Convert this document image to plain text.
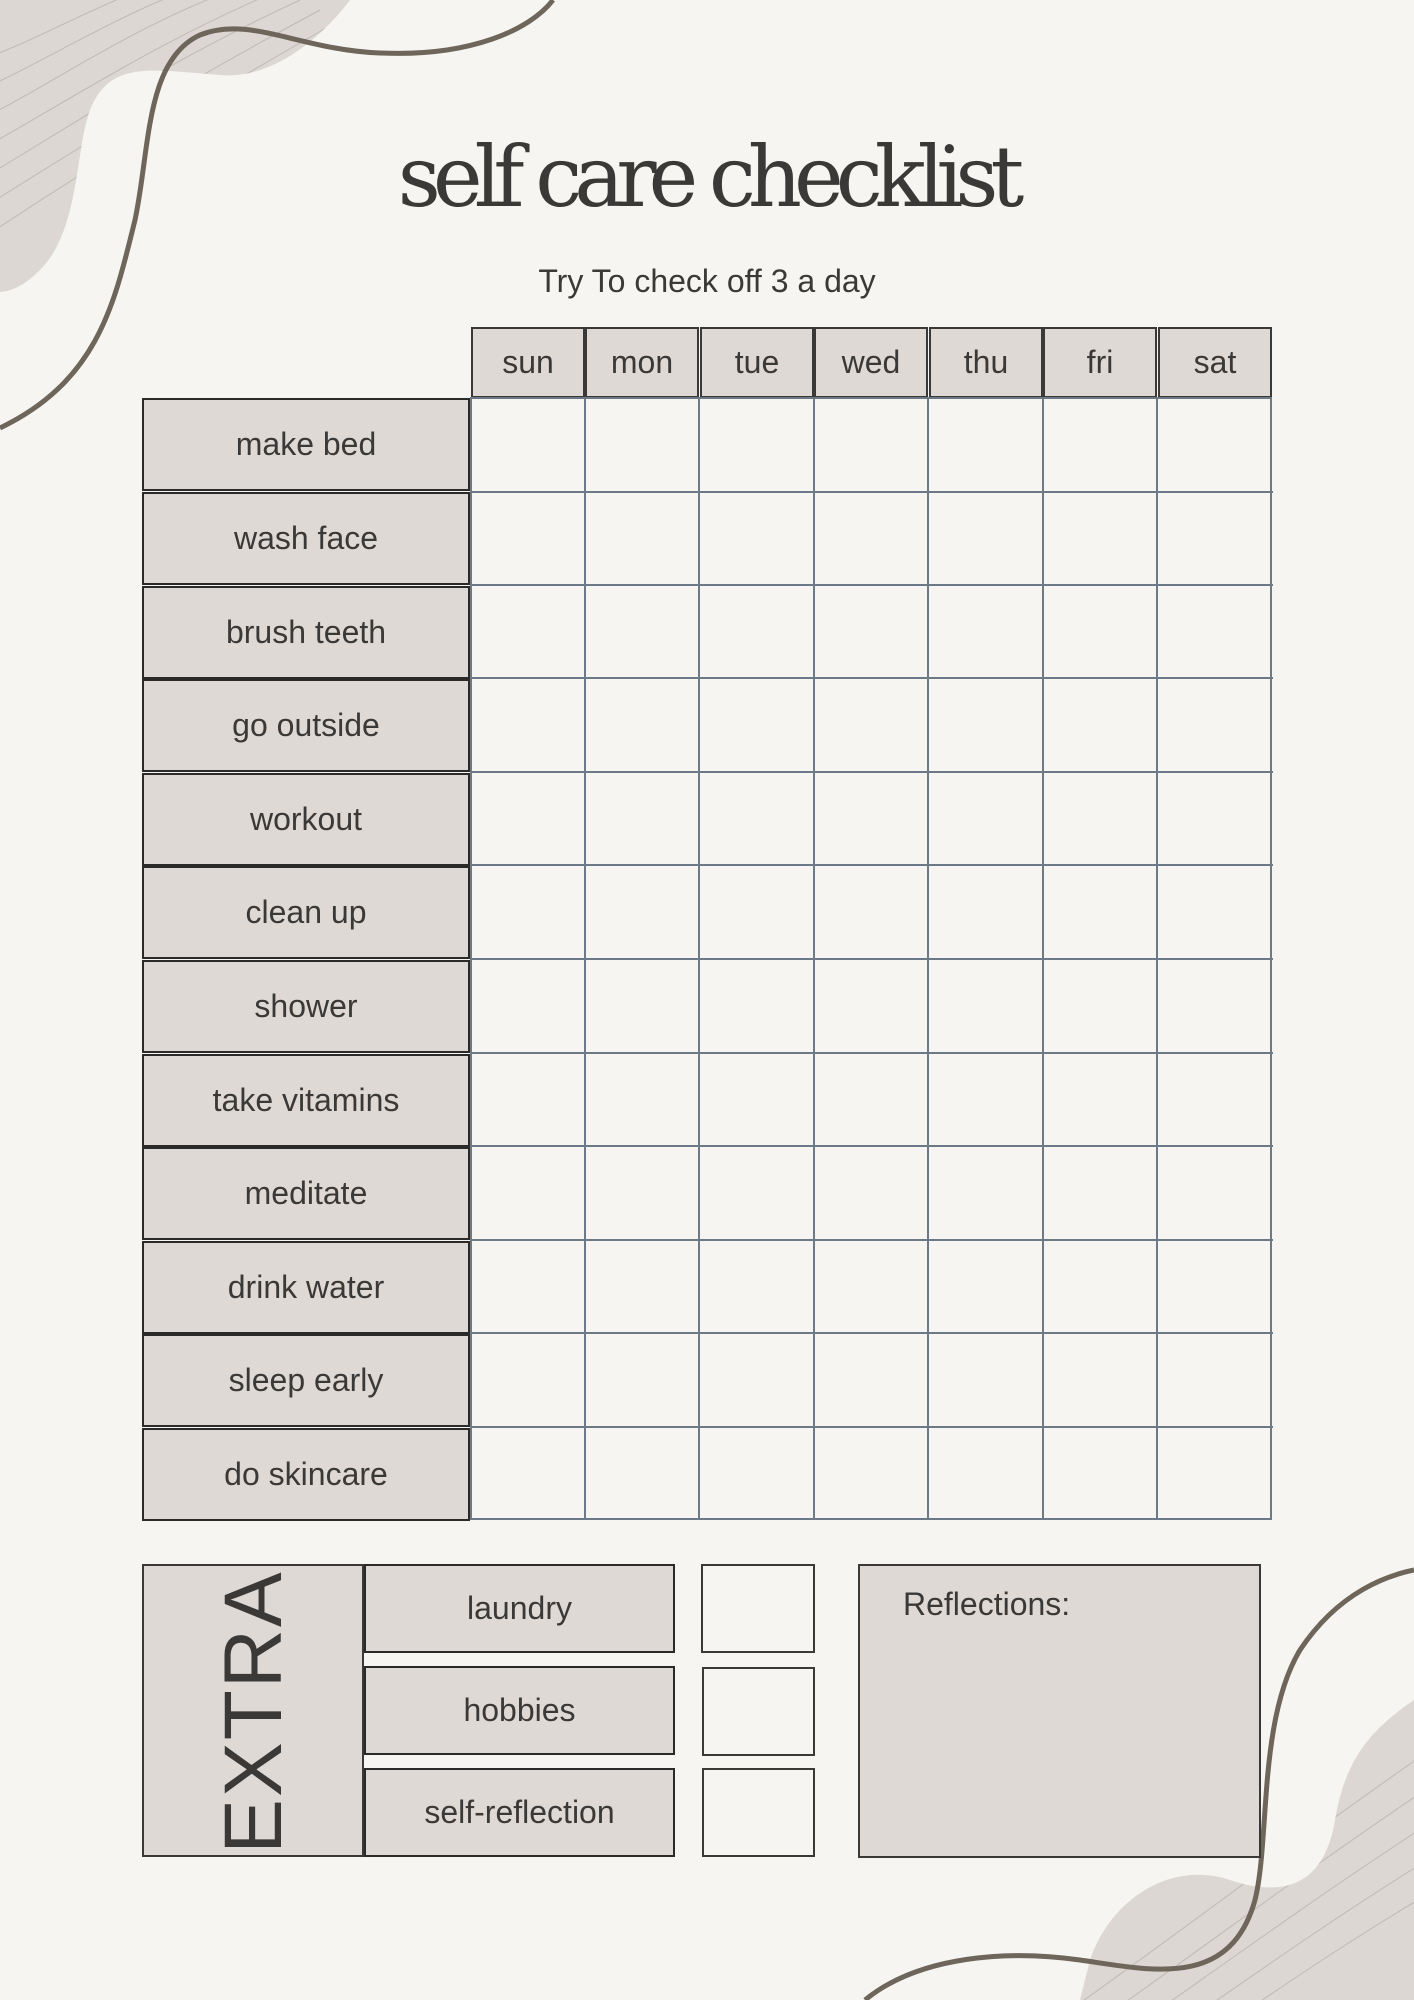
self care checklist
Try To check off 3 a day
sun	mon	tue	wed	thu	fri	sat
make bed
wash face
brush teeth
go outside
workout
clean up
shower
take vitamins
meditate
drink water
sleep early
do skincare
EXTRA	laundry
hobbies
self-reflection
Reflections:
